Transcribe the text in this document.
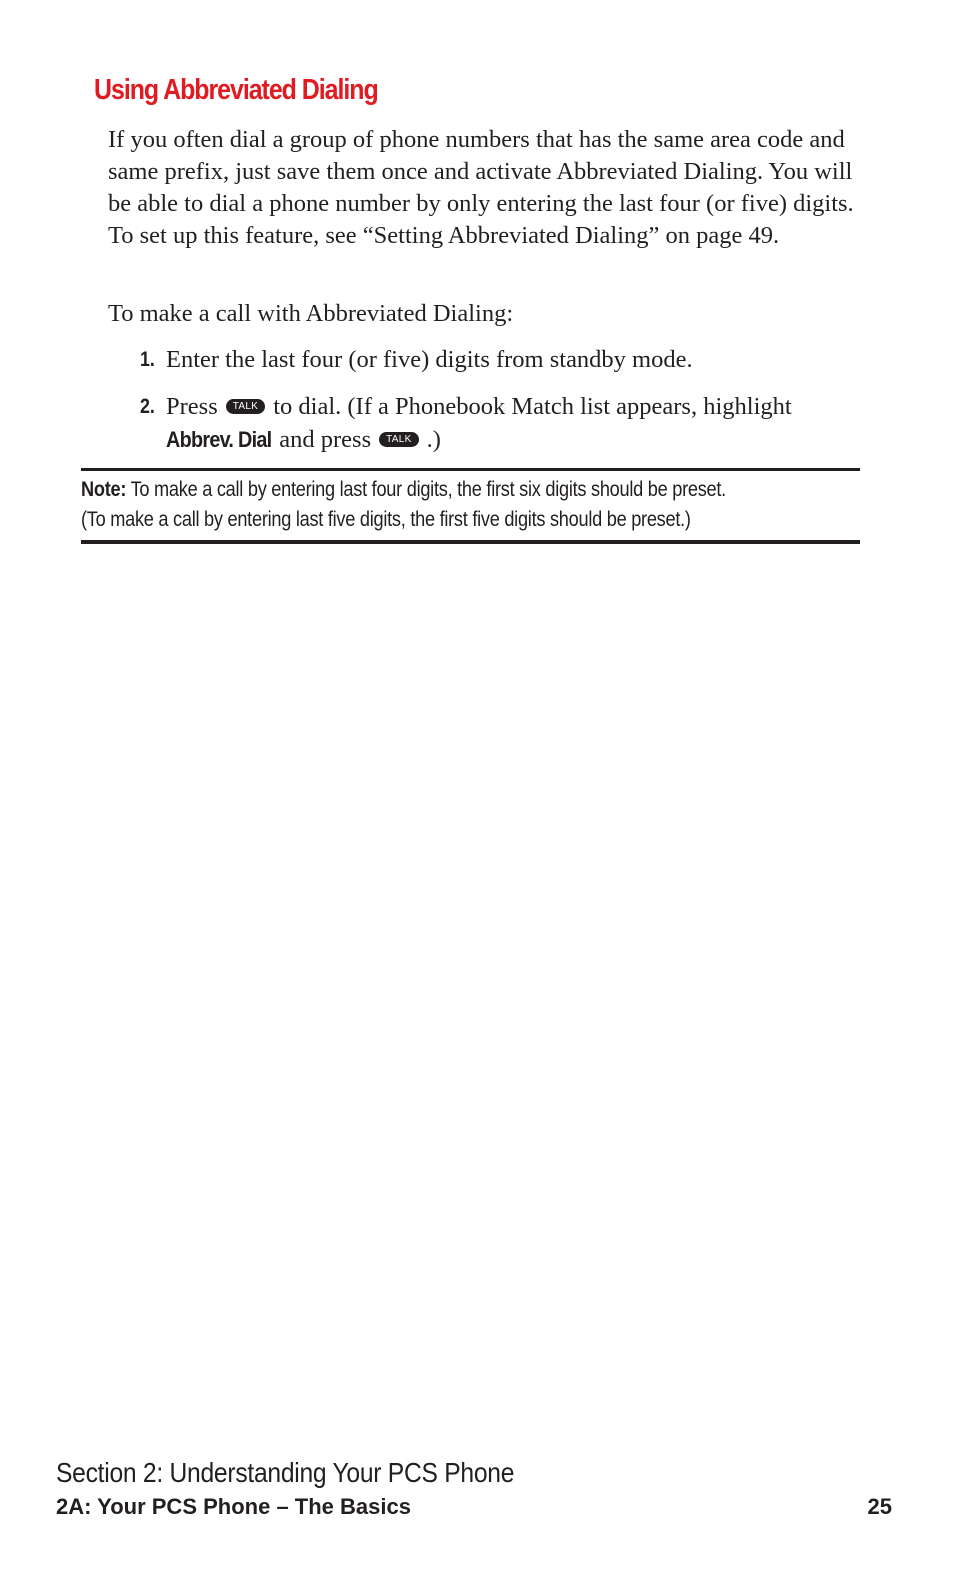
Using Abbreviated Dialing
If you often dial a group of phone numbers that has the same area code and same prefix, just save them once and activate Abbreviated Dialing. You will be able to dial a phone number by only entering the last four (or five) digits. To set up this feature, see “Setting Abbreviated Dialing” on page 49.
To make a call with Abbreviated Dialing:
1. Enter the last four (or five) digits from standby mode.
2. Press TALK to dial. (If a Phonebook Match list appears, highlight
Abbrev. Dial and press TALK .)
Note: To make a call by entering last four digits, the first six digits should be preset.
(To make a call by entering last five digits, the first five digits should be preset.)
Section 2: Understanding Your PCS Phone
2A: Your PCS Phone – The Basics	25
